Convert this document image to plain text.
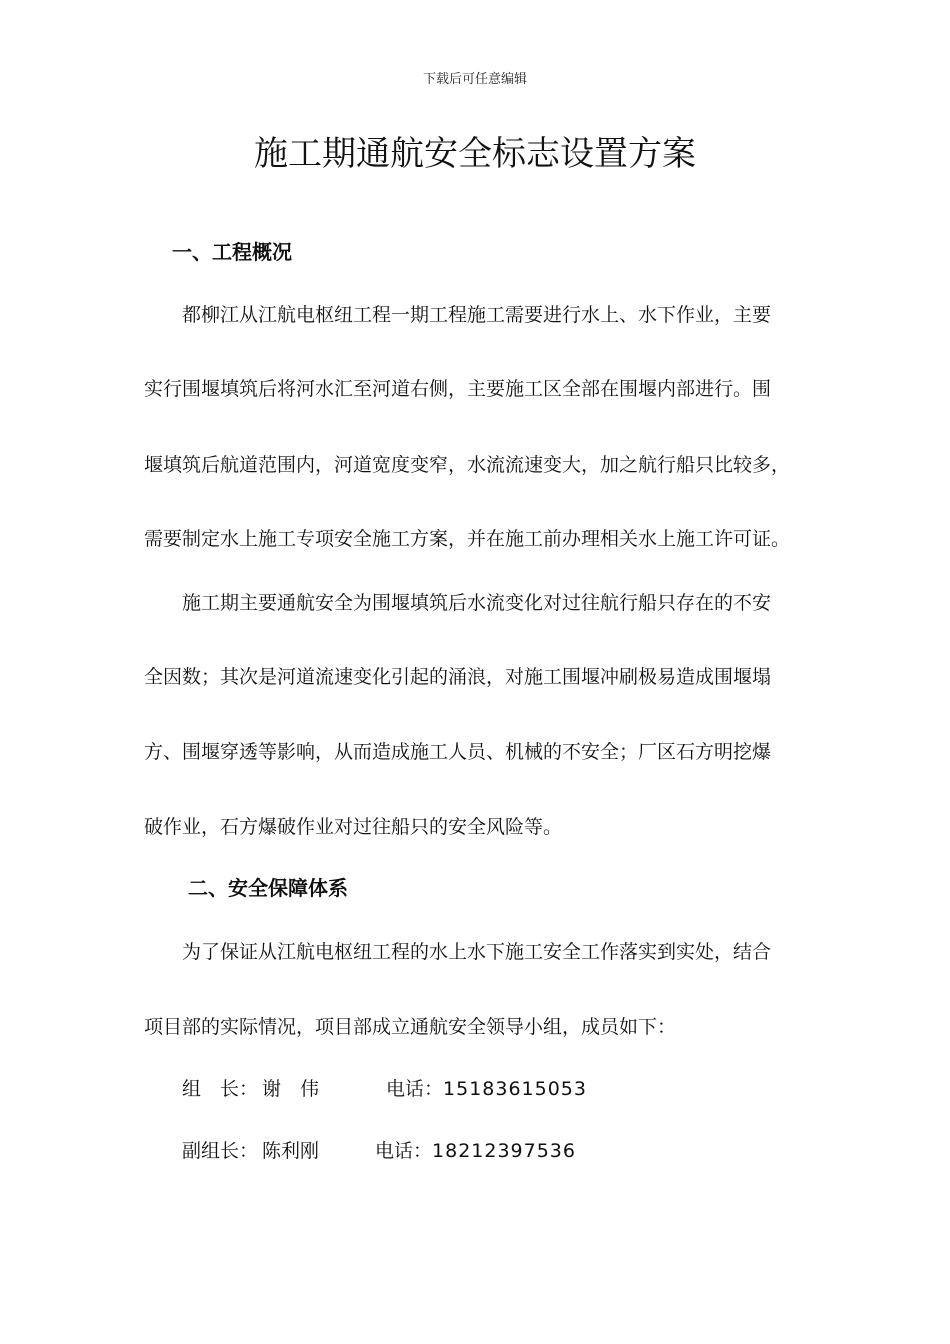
下载后可任意编辑
施工期通航安全标志设置方案
一、工程概况

都柳江从江航电枢纽工程一期工程施工需要进行水上、水下作业，主要

实行围堰填筑后将河水汇至河道右侧，主要施工区全部在围堰内部进行。围

堰填筑后航道范围内，河道宽度变窄，水流流速变大，加之航行船只比较多，

需要制定水上施工专项安全施工方案，并在施工前办理相关水上施工许可证。

施工期主要通航安全为围堰填筑后水流变化对过往航行船只存在的不安

全因数；其次是河道流速变化引起的涌浪，对施工围堰冲刷极易造成围堰塌

方、围堰穿透等影响，从而造成施工人员、机械的不安全；厂区石方明挖爆

破作业，石方爆破作业对过往船只的安全风险等。

二、安全保障体系

为了保证从江航电枢纽工程的水上水下施工安全工作落实到实处，结合

项目部的实际情况，项目部成立通航安全领导小组，成员如下：

组　长： 谢　伟	电话：15183615053
副组长： 陈利刚	电话：18212397536
